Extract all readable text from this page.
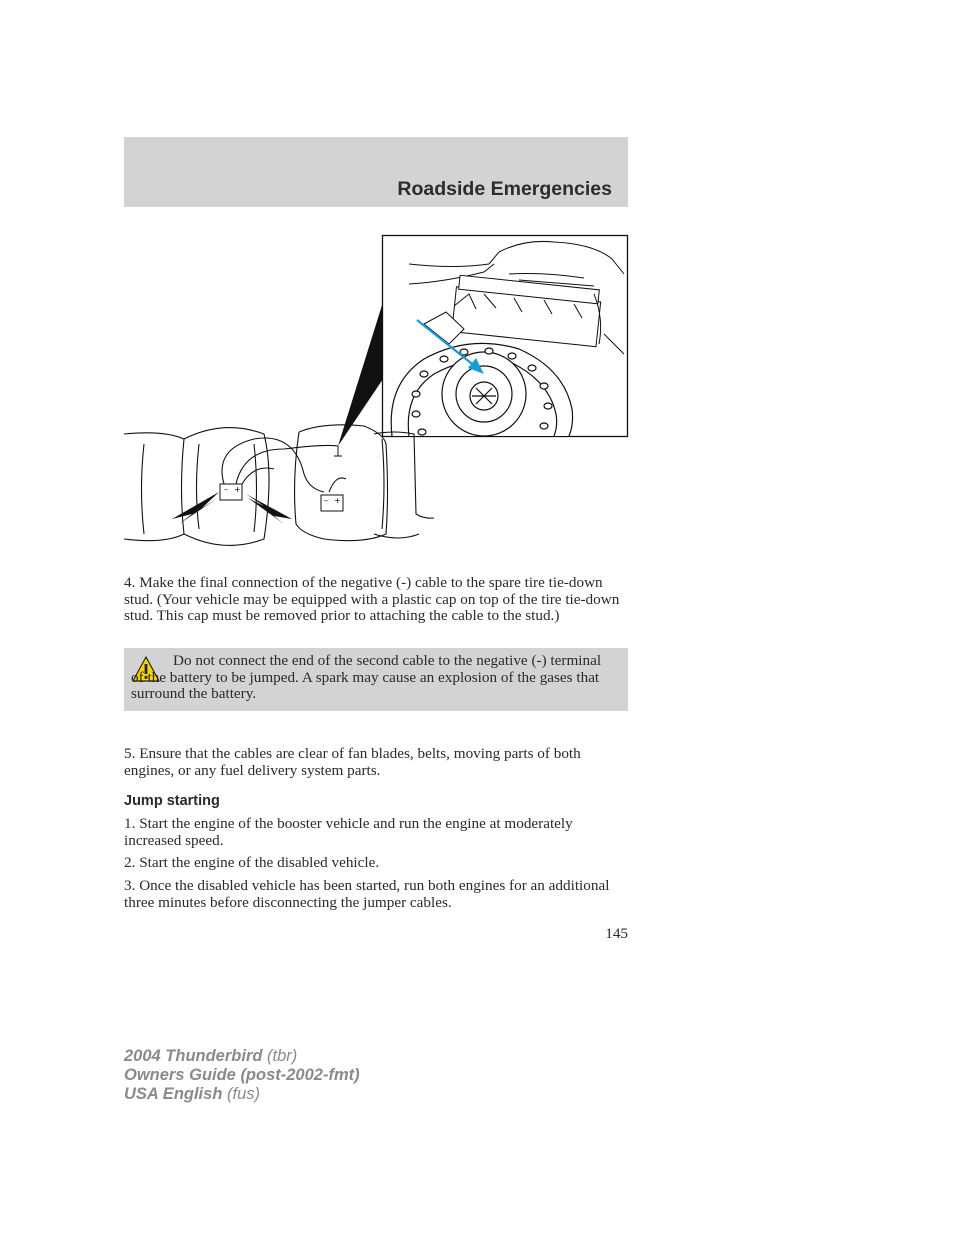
Roadside Emergencies
– +
– +

4. Make the final connection of the negative (-) cable to the spare tire tie-down stud. (Your vehicle may be equipped with a plastic cap on top of the tire tie-down stud. This cap must be removed prior to attaching the cable to the stud.)

Do not connect the end of the second cable to the negative (-) terminal of the battery to be jumped. A spark may cause an explosion of the gases that surround the battery.

5. Ensure that the cables are clear of fan blades, belts, moving parts of both engines, or any fuel delivery system parts.

Jump starting

1. Start the engine of the booster vehicle and run the engine at moderately increased speed.

2. Start the engine of the disabled vehicle.

3. Once the disabled vehicle has been started, run both engines for an additional three minutes before disconnecting the jumper cables.

145
2004 Thunderbird (tbr)
Owners Guide (post-2002-fmt)
USA English (fus)
